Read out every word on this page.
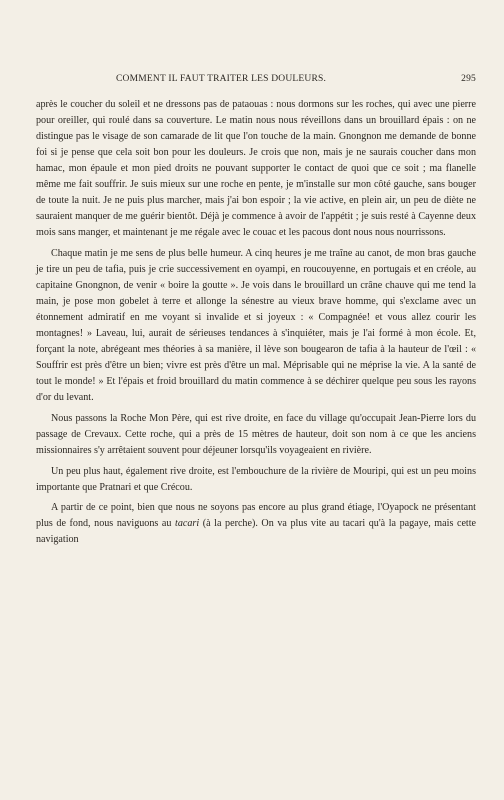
COMMENT IL FAUT TRAITER LES DOULEURS.	295

après le coucher du soleil et ne dressons pas de pataouas : nous dormons sur les roches, qui avec une pierre pour oreiller, qui roulé dans sa couverture. Le matin nous nous réveillons dans un brouillard épais : on ne distingue pas le visage de son camarade de lit que l'on touche de la main. Gnongnon me demande de bonne foi si je pense que cela soit bon pour les douleurs. Je crois que non, mais je ne saurais coucher dans mon hamac, mon épaule et mon pied droits ne pouvant supporter le contact de quoi que ce soit ; ma flanelle même me fait souffrir. Je suis mieux sur une roche en pente, je m'installe sur mon côté gauche, sans bouger de toute la nuit. Je ne puis plus marcher, mais j'ai bon espoir ; la vie active, en plein air, un peu de diète ne sauraient manquer de me guérir bientôt. Déjà je commence à avoir de l'appétit ; je suis resté à Cayenne deux mois sans manger, et maintenant je me régale avec le couac et les pacous dont nous nous nourrissons.

Chaque matin je me sens de plus belle humeur. A cinq heures je me traîne au canot, de mon bras gauche je tire un peu de tafia, puis je crie successivement en oyampi, en roucouyenne, en portugais et en créole, au capitaine Gnongnon, de venir « boire la goutte ». Je vois dans le brouillard un crâne chauve qui me tend la main, je pose mon gobelet à terre et allonge la sénestre au vieux brave homme, qui s'exclame avec un étonnement admiratif en me voyant si invalide et si joyeux : « Compagnée! et vous allez courir les montagnes! » Laveau, lui, aurait de sérieuses tendances à s'inquiéter, mais je l'ai formé à mon école. Et, forçant la note, abrégeant mes théories à sa manière, il lève son bougearon de tafia à la hauteur de l'œil : « Souffrir est près d'être un bien; vivre est près d'être un mal. Méprisable qui ne méprise la vie. A la santé de tout le monde! » Et l'épais et froid brouillard du matin commence à se déchirer quelque peu sous les rayons d'or du levant.

Nous passons la Roche Mon Père, qui est rive droite, en face du village qu'occupait Jean-Pierre lors du passage de Crevaux. Cette roche, qui a près de 15 mètres de hauteur, doit son nom à ce que les anciens missionnaires s'y arrêtaient souvent pour déjeuner lorsqu'ils voyageaient en rivière.

Un peu plus haut, également rive droite, est l'embouchure de la rivière de Mouripi, qui est un peu moins importante que Pratnari et que Crécou.

A partir de ce point, bien que nous ne soyons pas encore au plus grand étiage, l'Oyapock ne présentant plus de fond, nous naviguons au tacari (à la perche). On va plus vite au tacari qu'à la pagaye, mais cette navigation
